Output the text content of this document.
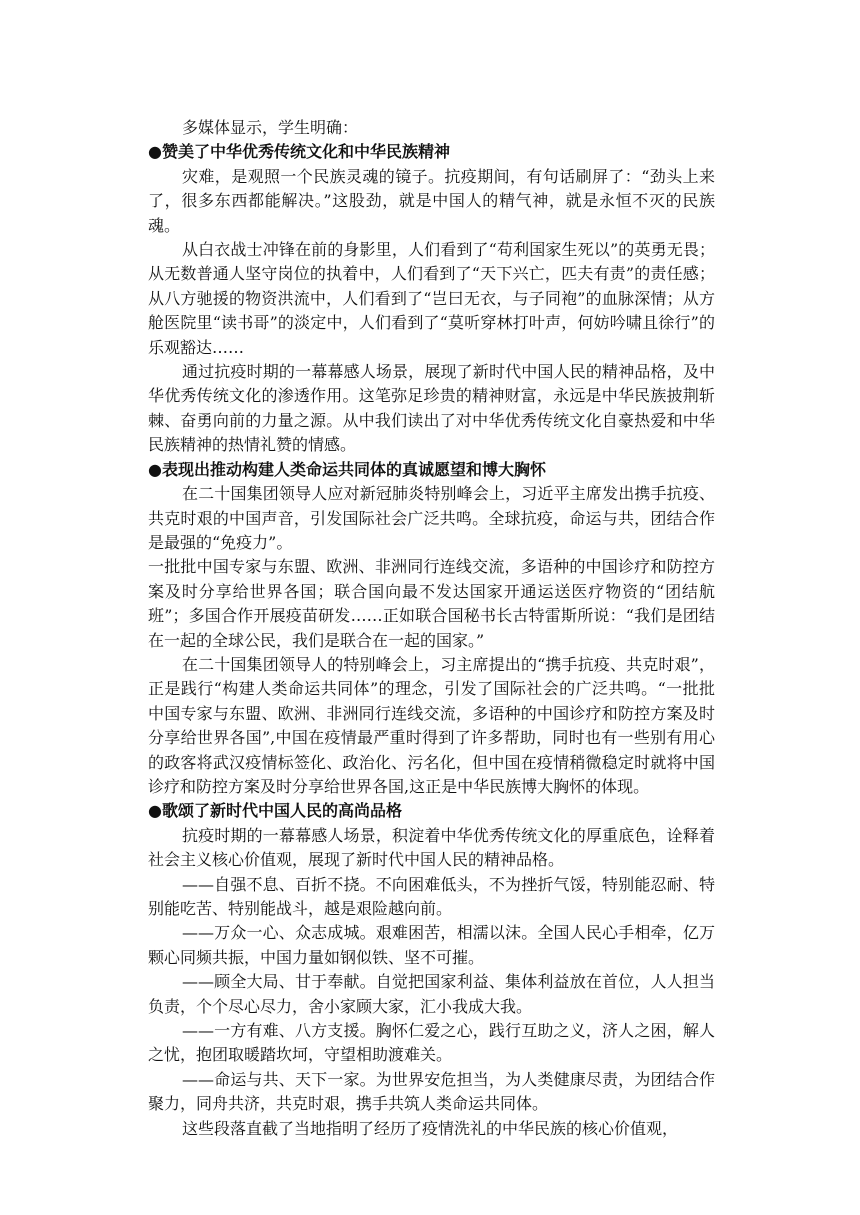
多媒体显示，学生明确：

●赞美了中华优秀传统文化和中华民族精神

灾难，是观照一个民族灵魂的镜子。抗疫期间，有句话刷屏了：“劲头上来了，很多东西都能解决。”这股劲，就是中国人的精气神，就是永恒不灭的民族魂。

从白衣战士冲锋在前的身影里，人们看到了“苟利国家生死以”的英勇无畏；从无数普通人坚守岗位的执着中，人们看到了“天下兴亡，匹夫有责”的责任感；从八方驰援的物资洪流中，人们看到了“岂曰无衣，与子同袍”的血脉深情；从方舱医院里“读书哥”的淡定中，人们看到了“莫听穿林打叶声，何妨吟啸且徐行”的乐观豁达……

通过抗疫时期的一幕幕感人场景，展现了新时代中国人民的精神品格，及中华优秀传统文化的渗透作用。这笔弥足珍贵的精神财富，永远是中华民族披荆斩棘、奋勇向前的力量之源。从中我们读出了对中华优秀传统文化自豪热爱和中华民族精神的热情礼赞的情感。

●表现出推动构建人类命运共同体的真诚愿望和博大胸怀

在二十国集团领导人应对新冠肺炎特别峰会上，习近平主席发出携手抗疫、共克时艰的中国声音，引发国际社会广泛共鸣。全球抗疫，命运与共，团结合作是最强的“免疫力”。

一批批中国专家与东盟、欧洲、非洲同行连线交流，多语种的中国诊疗和防控方案及时分享给世界各国；联合国向最不发达国家开通运送医疗物资的“团结航班”；多国合作开展疫苗研发……正如联合国秘书长古特雷斯所说：“我们是团结在一起的全球公民，我们是联合在一起的国家。”

在二十国集团领导人的特别峰会上，习主席提出的“携手抗疫、共克时艰”，正是践行“构建人类命运共同体”的理念，引发了国际社会的广泛共鸣。“一批批中国专家与东盟、欧洲、非洲同行连线交流，多语种的中国诊疗和防控方案及时分享给世界各国”,中国在疫情最严重时得到了许多帮助，同时也有一些别有用心的政客将武汉疫情标签化、政治化、污名化，但中国在疫情稍微稳定时就将中国诊疗和防控方案及时分享给世界各国,这正是中华民族博大胸怀的体现。

●歌颂了新时代中国人民的高尚品格

抗疫时期的一幕幕感人场景，积淀着中华优秀传统文化的厚重底色，诠释着社会主义核心价值观，展现了新时代中国人民的精神品格。

——自强不息、百折不挠。不向困难低头，不为挫折气馁，特别能忍耐、特别能吃苦、特别能战斗，越是艰险越向前。

——万众一心、众志成城。艰难困苦，相濡以沫。全国人民心手相牵，亿万颗心同频共振，中国力量如钢似铁、坚不可摧。

——顾全大局、甘于奉献。自觉把国家利益、集体利益放在首位，人人担当负责，个个尽心尽力，舍小家顾大家，汇小我成大我。

——一方有难、八方支援。胸怀仁爱之心，践行互助之义，济人之困，解人之忧，抱团取暖踏坎坷，守望相助渡难关。

——命运与共、天下一家。为世界安危担当，为人类健康尽责，为团结合作聚力，同舟共济，共克时艰，携手共筑人类命运共同体。

这些段落直截了当地指明了经历了疫情洗礼的中华民族的核心价值观，
